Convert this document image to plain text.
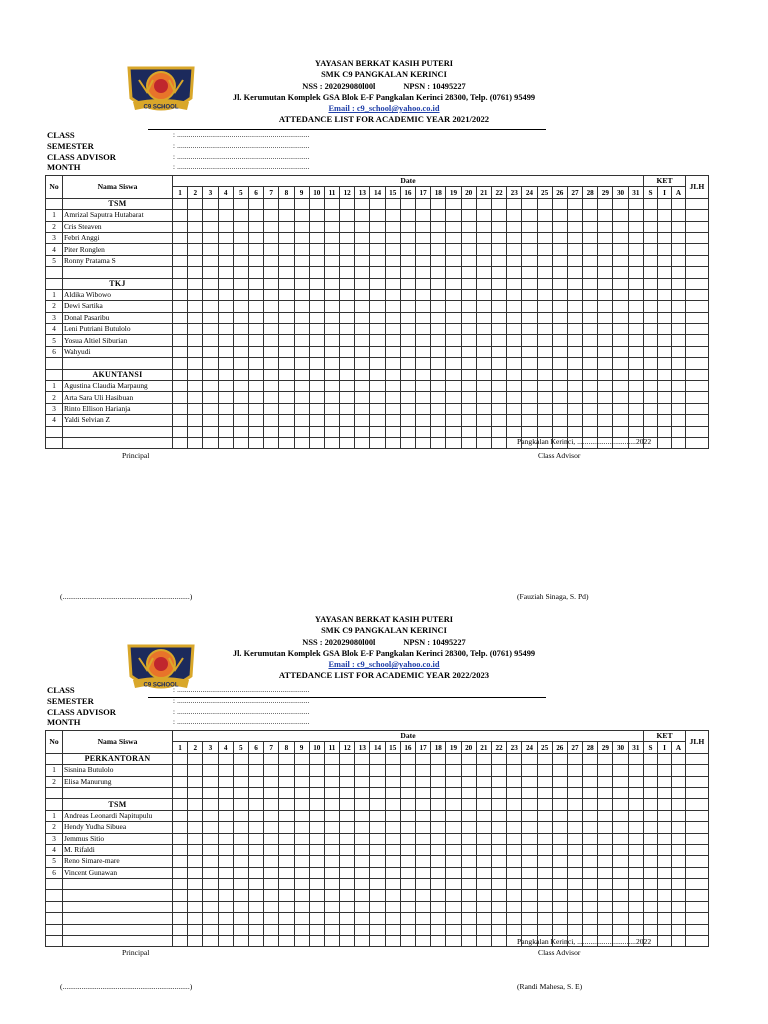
C9 SCHOOL
YAYASAN BERKAT KASIH PUTERI
SMK C9 PANGKALAN KERINCI
NSS : 202029080l00l	NPSN : 10495227
Jl. Kerumutan Komplek GSA Blok E-F Pangkalan Kerinci 28300, Telp. (0761) 95499
Email : c9_school@yahoo.co.id
ATTEDANCE LIST FOR ACADEMIC YEAR 2021/2022
CLASS	: ....................................................................
SEMESTER	: ....................................................................
CLASS ADVISOR	: ....................................................................
MONTH	: ....................................................................
No	Nama Siswa	Date																															KET			JLH
		1	2	3	4	5	6	7	8	9	10	11	12	13	14	15	16	17	18	19	20	21	22	23	24	25	26	27	28	29	30	31	S	I	A	
	TSM																																			
1	Amrizal Saputra Hutabarat																																			
2	Cris Steaven																																			
3	Febri Anggi																																			
4	Piter Ronglen																																			
5	Ronny Pratama S																																			

	TKJ																																			
1	Aldika Wibowo																																			
2	Dewi Sartika																																			
3	Donal Pasaribu																																			
4	Leni Putriani Butulolo																																			
5	Yosua Altiel Siburian																																			
6	Wahyudi																																			

	AKUNTANSI																																			
1	Agustina Claudia Marpaung																																			
2	Arta Sara Uli Hasibuan																																			
3	Rinto Ellison Harianja																																			
4	Yaldi Selvian Z																																			

Pangkalan Kerinci, ...............................2022
Principal	Class Advisor
(...................................................................)	(Fauziah Sinaga, S. Pd)
C9 SCHOOL
YAYASAN BERKAT KASIH PUTERI
SMK C9 PANGKALAN KERINCI
NSS : 202029080l00l	NPSN : 10495227
Jl. Kerumutan Komplek GSA Blok E-F Pangkalan Kerinci 28300, Telp. (0761) 95499
Email : c9_school@yahoo.co.id
ATTEDANCE LIST FOR ACADEMIC YEAR 2022/2023
CLASS	: ....................................................................
SEMESTER	: ....................................................................
CLASS ADVISOR	: ....................................................................
MONTH	: ....................................................................
No	Nama Siswa	Date																															KET			JLH
		1	2	3	4	5	6	7	8	9	10	11	12	13	14	15	16	17	18	19	20	21	22	23	24	25	26	27	28	29	30	31	S	I	A	
	PERKANTORAN																																			
1	Sisnina Butulolo																																			
2	Elisa Manurung																																			

	TSM																																			
1	Andreas Leonardi Napitupulu																																			
2	Hendy Yudha Sibuea																																			
3	Jemmus Sitio																																			
4	M. Rifaldi																																			
5	Reno Simare-mare																																			
6	Vincent Gunawan																																			

Pangkalan Kerinci, ...............................2022
Principal	Class Advisor
(...................................................................)	(Randi Mahesa, S. E)
